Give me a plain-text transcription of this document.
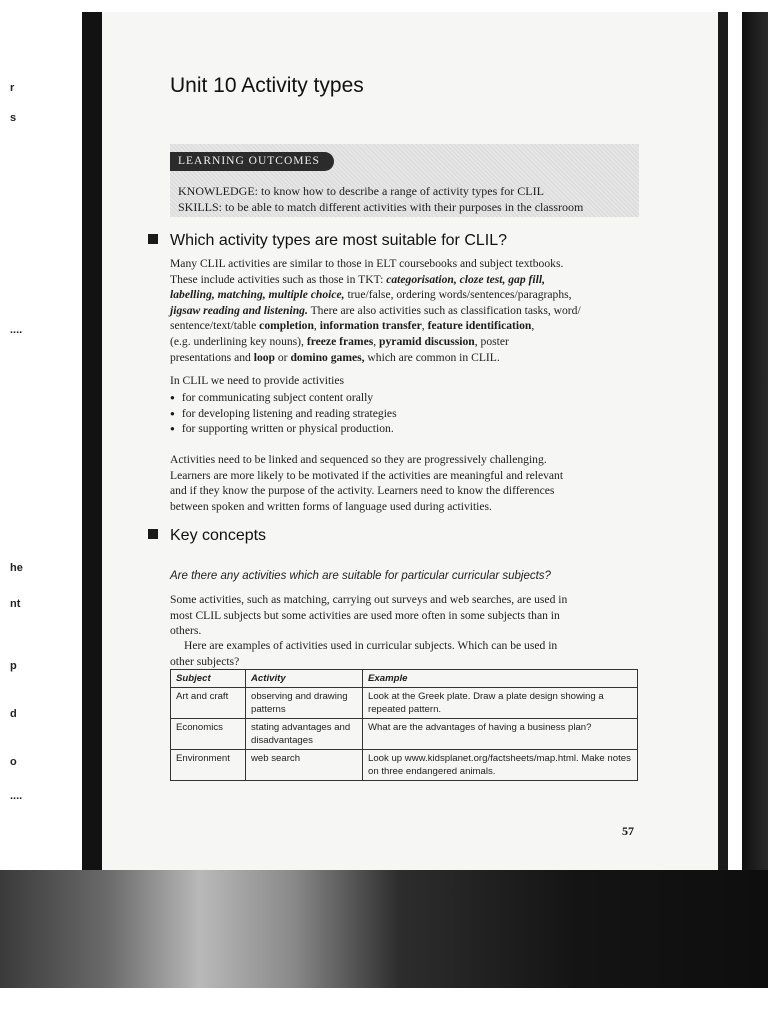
r
s
....
he
nt
p
d
o
....
Unit 10 Activity types
LEARNING OUTCOMES
KNOWLEDGE: to know how to describe a range of activity types for CLIL
SKILLS: to be able to match different activities with their purposes in the classroom
Which activity types are most suitable for CLIL?

Many CLIL activities are similar to those in ELT coursebooks and subject textbooks.
These include activities such as those in TKT: categorisation, cloze test, gap fill,
labelling, matching, multiple choice, true/false, ordering words/sentences/paragraphs,
jigsaw reading and listening. There are also activities such as classification tasks, word/
sentence/text/table completion, information transfer, feature identification,
(e.g. underlining key nouns), freeze frames, pyramid discussion, poster
presentations and loop or domino games, which are common in CLIL.

In CLIL we need to provide activities

● for communicating subject content orally
● for developing listening and reading strategies
● for supporting written or physical production.

Activities need to be linked and sequenced so they are progressively challenging.
Learners are more likely to be motivated if the activities are meaningful and relevant
and if they know the purpose of the activity. Learners need to know the differences
between spoken and written forms of language used during activities.

Key concepts

Are there any activities which are suitable for particular curricular subjects?

Some activities, such as matching, carrying out surveys and web searches, are used in
most CLIL subjects but some activities are used more often in some subjects than in
others.

Here are examples of activities used in curricular subjects. Which can be used in
other subjects?

Subject	Activity	Example
Art and craft	observing and drawing patterns	Look at the Greek plate. Draw a plate design showing a repeated pattern.
Economics	stating advantages and disadvantages	What are the advantages of having a business plan?
Environment	web search	Look up www.kidsplanet.org/factsheets/map.html. Make notes on three endangered animals.
57
